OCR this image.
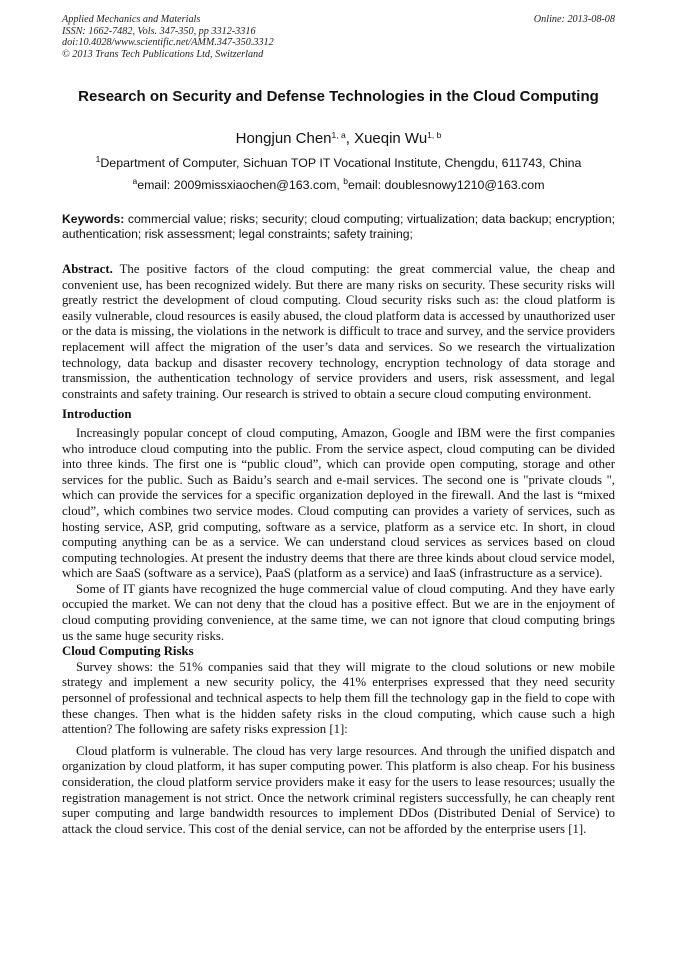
Applied Mechanics and Materials
ISSN: 1662-7482, Vols. 347-350, pp 3312-3316
doi:10.4028/www.scientific.net/AMM.347-350.3312
© 2013 Trans Tech Publications Ltd, Switzerland
Online: 2013-08-08
Research on Security and Defense Technologies in the Cloud Computing
Hongjun Chen$^{1, a}$, Xueqin Wu$^{1, b}$
$^1$Department of Computer, Sichuan TOP IT Vocational Institute, Chengdu, 611743, China
$^a$email: 2009missxiaochen@163.com, $^b$email: doublesnowy1210@163.com
Keywords: commercial value; risks; security; cloud computing; virtualization; data backup; encryption; authentication; risk assessment; legal constraints; safety training;

Abstract. The positive factors of the cloud computing: the great commercial value, the cheap and convenient use, has been recognized widely. But there are many risks on security. These security risks will greatly restrict the development of cloud computing. Cloud security risks such as: the cloud platform is easily vulnerable, cloud resources is easily abused, the cloud platform data is accessed by unauthorized user or the data is missing, the violations in the network is difficult to trace and survey, and the service providers replacement will affect the migration of the user’s data and services. So we research the virtualization technology, data backup and disaster recovery technology, encryption technology of data storage and transmission, the authentication technology of service providers and users, risk assessment, and legal constraints and safety training. Our research is strived to obtain a secure cloud computing environment.

Introduction

Increasingly popular concept of cloud computing, Amazon, Google and IBM were the first companies who introduce cloud computing into the public. From the service aspect, cloud computing can be divided into three kinds. The first one is “public cloud”, which can provide open computing, storage and other services for the public. Such as Baidu’s search and e-mail services. The second one is "private clouds ", which can provide the services for a specific organization deployed in the firewall. And the last is “mixed cloud”, which combines two service modes. Cloud computing can provides a variety of services, such as hosting service, ASP, grid computing, software as a service, platform as a service etc. In short, in cloud computing anything can be as a service. We can understand cloud services as services based on cloud computing technologies. At present the industry deems that there are three kinds about cloud service model, which are SaaS (software as a service), PaaS (platform as a service) and IaaS (infrastructure as a service).

Some of IT giants have recognized the huge commercial value of cloud computing. And they have early occupied the market. We can not deny that the cloud has a positive effect. But we are in the enjoyment of cloud computing providing convenience, at the same time, we can not ignore that cloud computing brings us the same huge security risks.

Cloud Computing Risks

Survey shows: the 51% companies said that they will migrate to the cloud solutions or new mobile strategy and implement a new security policy, the 41% enterprises expressed that they need security personnel of professional and technical aspects to help them fill the technology gap in the field to cope with these changes. Then what is the hidden safety risks in the cloud computing, which cause such a high attention? The following are safety risks expression [1]:

Cloud platform is vulnerable. The cloud has very large resources. And through the unified dispatch and organization by cloud platform, it has super computing power. This platform is also cheap. For his business consideration, the cloud platform service providers make it easy for the users to lease resources; usually the registration management is not strict. Once the network criminal registers successfully, he can cheaply rent super computing and large bandwidth resources to implement DDos (Distributed Denial of Service) to attack the cloud service. This cost of the denial service, can not be afforded by the enterprise users [1].
